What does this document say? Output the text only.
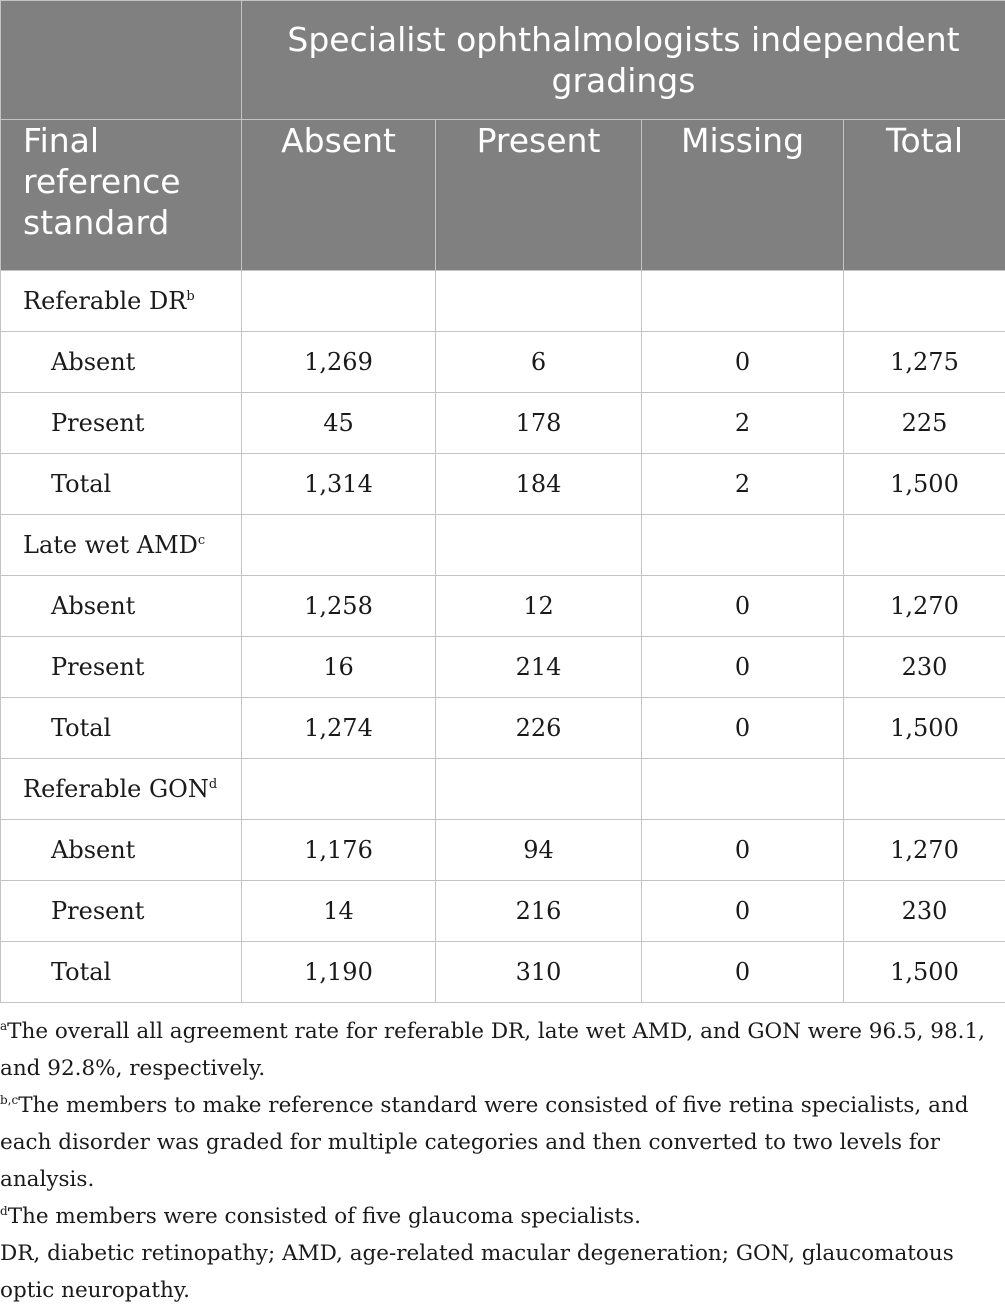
	Specialist ophthalmologists independent gradings			
Final reference standard	Absent	Present	Missing	Total
Referable $DR^b$				
Absent	1,269	6	0	1,275
Present	45	178	2	225
Total	1,314	184	2	1,500
Late wet AMD$^c$				
Absent	1,258	12	0	1,270
Present	16	214	0	230
Total	1,274	226	0	1,500
Referable GON$^d$				
Absent	1,176	94	0	1,270
Present	14	216	0	230
Total	1,190	310	0	1,500

$^a$The overall all agreement rate for referable DR, late wet AMD, and GON were 96.5, 98.1, and 92.8%, respectively.

$^{b,c}$The members to make reference standard were consisted of five retina specialists, and each disorder was graded for multiple categories and then converted to two levels for analysis.

$^d$The members were consisted of five glaucoma specialists.

DR, diabetic retinopathy; AMD, age-related macular degeneration; GON, glaucomatous optic neuropathy.
